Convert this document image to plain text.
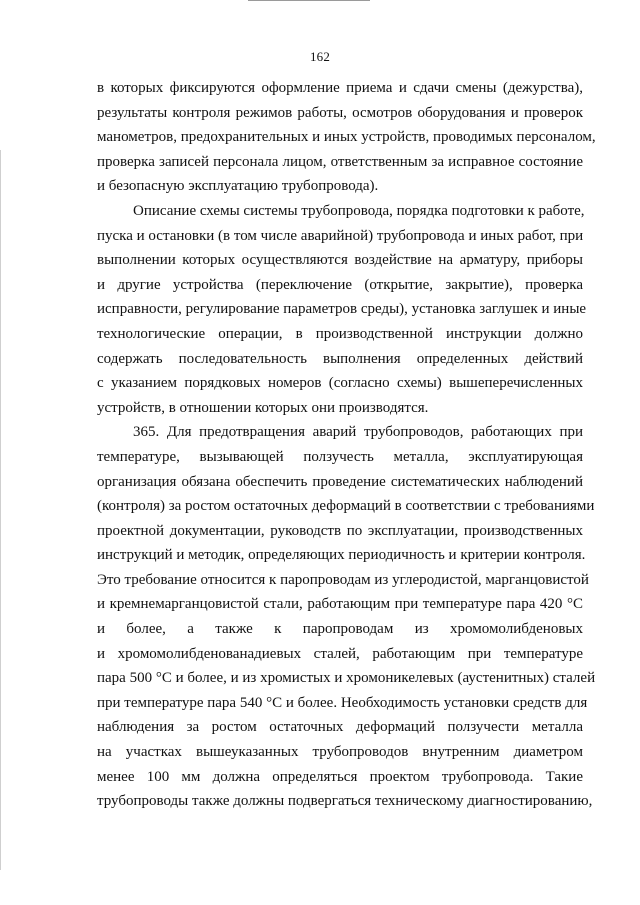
162
в которых фиксируются оформление приема и сдачи смены (дежурства),
результаты контроля режимов работы, осмотров оборудования и проверок
манометров, предохранительных и иных устройств, проводимых персоналом,
проверка записей персонала лицом, ответственным за исправное состояние
и безопасную эксплуатацию трубопровода).
Описание схемы системы трубопровода, порядка подготовки к работе,
пуска и остановки (в том числе аварийной) трубопровода и иных работ, при
выполнении которых осуществляются воздействие на арматуру, приборы
и другие устройства (переключение (открытие, закрытие), проверка
исправности, регулирование параметров среды), установка заглушек и иные
технологические операции, в производственной инструкции должно
содержать последовательность выполнения определенных действий
с указанием порядковых номеров (согласно схемы) вышеперечисленных
устройств, в отношении которых они производятся.
365. Для предотвращения аварий трубопроводов, работающих при
температуре, вызывающей ползучесть металла, эксплуатирующая
организация обязана обеспечить проведение систематических наблюдений
(контроля) за ростом остаточных деформаций в соответствии с требованиями
проектной документации, руководств по эксплуатации, производственных
инструкций и методик, определяющих периодичность и критерии контроля.
Это требование относится к паропроводам из углеродистой, марганцовистой
и кремнемарганцовистой стали, работающим при температуре пара 420 °С
и более, а также к паропроводам из хромомолибденовых
и хромомолибденованадиевых сталей, работающим при температуре
пара 500 °С и более, и из хромистых и хромоникелевых (аустенитных) сталей
при температуре пара 540 °С и более. Необходимость установки средств для
наблюдения за ростом остаточных деформаций ползучести металла
на участках вышеуказанных трубопроводов внутренним диаметром
менее 100 мм должна определяться проектом трубопровода. Такие
трубопроводы также должны подвергаться техническому диагностированию,
